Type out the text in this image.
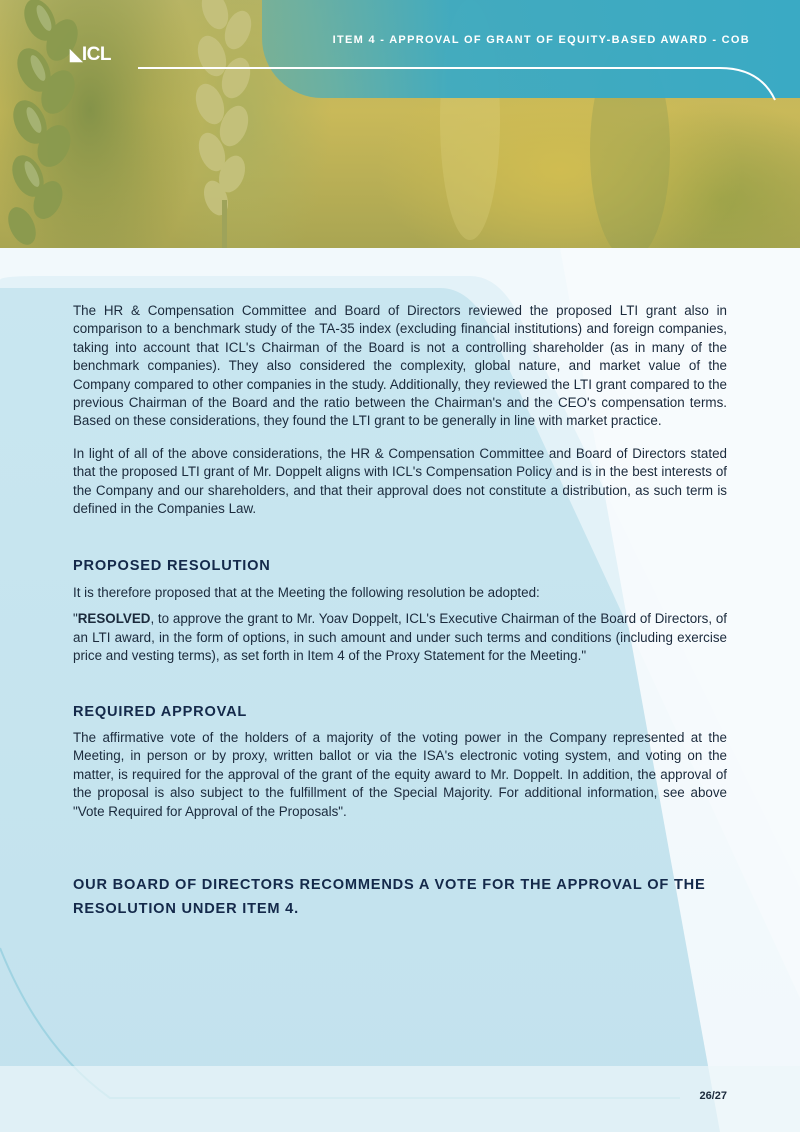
◣ICL
ITEM 4 - APPROVAL OF GRANT OF EQUITY-BASED AWARD - COB

The HR & Compensation Committee and Board of Directors reviewed the proposed LTI grant also in comparison to a benchmark study of the TA-35 index (excluding financial institutions) and foreign companies, taking into account that ICL's Chairman of the Board is not a controlling shareholder (as in many of the benchmark companies). They also considered the complexity, global nature, and market value of the Company compared to other companies in the study. Additionally, they reviewed the LTI grant compared to the previous Chairman of the Board and the ratio between the Chairman's and the CEO's compensation terms. Based on these considerations, they found the LTI grant to be generally in line with market practice.

In light of all of the above considerations, the HR & Compensation Committee and Board of Directors stated that the proposed LTI grant of Mr. Doppelt aligns with ICL's Compensation Policy and is in the best interests of the Company and our shareholders, and that their approval does not constitute a distribution, as such term is defined in the Companies Law.

PROPOSED RESOLUTION

It is therefore proposed that at the Meeting the following resolution be adopted:

"RESOLVED, to approve the grant to Mr. Yoav Doppelt, ICL's Executive Chairman of the Board of Directors, of an LTI award, in the form of options, in such amount and under such terms and conditions (including exercise price and vesting terms), as set forth in Item 4 of the Proxy Statement for the Meeting."

REQUIRED APPROVAL

The affirmative vote of the holders of a majority of the voting power in the Company represented at the Meeting, in person or by proxy, written ballot or via the ISA's electronic voting system, and voting on the matter, is required for the approval of the grant of the equity award to Mr. Doppelt. In addition, the approval of the proposal is also subject to the fulfillment of the Special Majority. For additional information, see above "Vote Required for Approval of the Proposals".

OUR BOARD OF DIRECTORS RECOMMENDS A VOTE FOR THE APPROVAL OF THE RESOLUTION UNDER ITEM 4.
26/27
